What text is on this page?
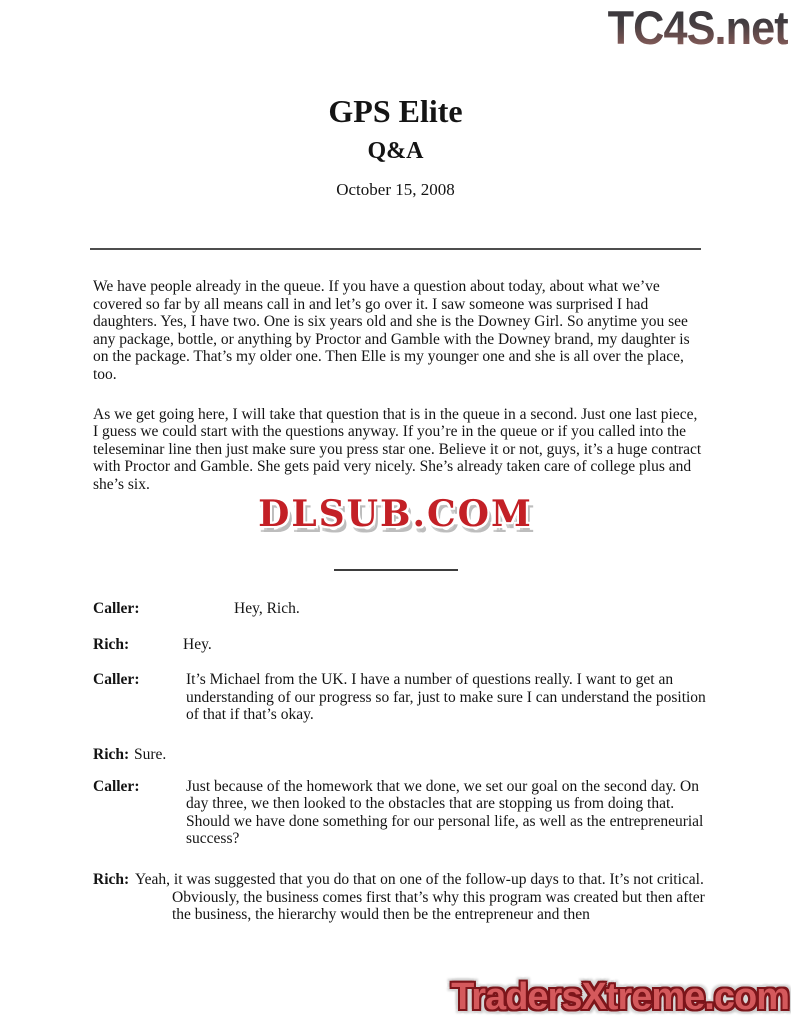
TC4S.net
GPS Elite
Q&A
October 15, 2008

We have people already in the queue. If you have a question about today, about what we’ve covered so far by all means call in and let’s go over it. I saw someone was surprised I had daughters. Yes, I have two. One is six years old and she is the Downey Girl. So anytime you see any package, bottle, or anything by Proctor and Gamble with the Downey brand, my daughter is on the package. That’s my older one. Then Elle is my younger one and she is all over the place, too.

As we get going here, I will take that question that is in the queue in a second. Just one last piece, I guess we could start with the questions anyway. If you’re in the queue or if you called into the teleseminar line then just make sure you press star one. Believe it or not, guys, it’s a huge contract with Proctor and Gamble. She gets paid very nicely. She’s already taken care of college plus and she’s six.

DLSUB.COM
Caller:	Hey, Rich.
Rich:	Hey.
Caller:	It’s Michael from the UK. I have a number of questions really. I want to get an understanding of our progress so far, just to make sure I can understand the position of that if that’s okay.
Rich: Sure.
Caller:	Just because of the homework that we done, we set our goal on the second day. On day three, we then looked to the obstacles that are stopping us from doing that. Should we have done something for our personal life, as well as the entrepreneurial success?
Rich: Yeah, it was suggested that you do that on one of the follow-up days to that. It’s not critical. Obviously, the business comes first that’s why this program was created but then after the business, the hierarchy would then be the entrepreneur and then
TradersXtreme.com
